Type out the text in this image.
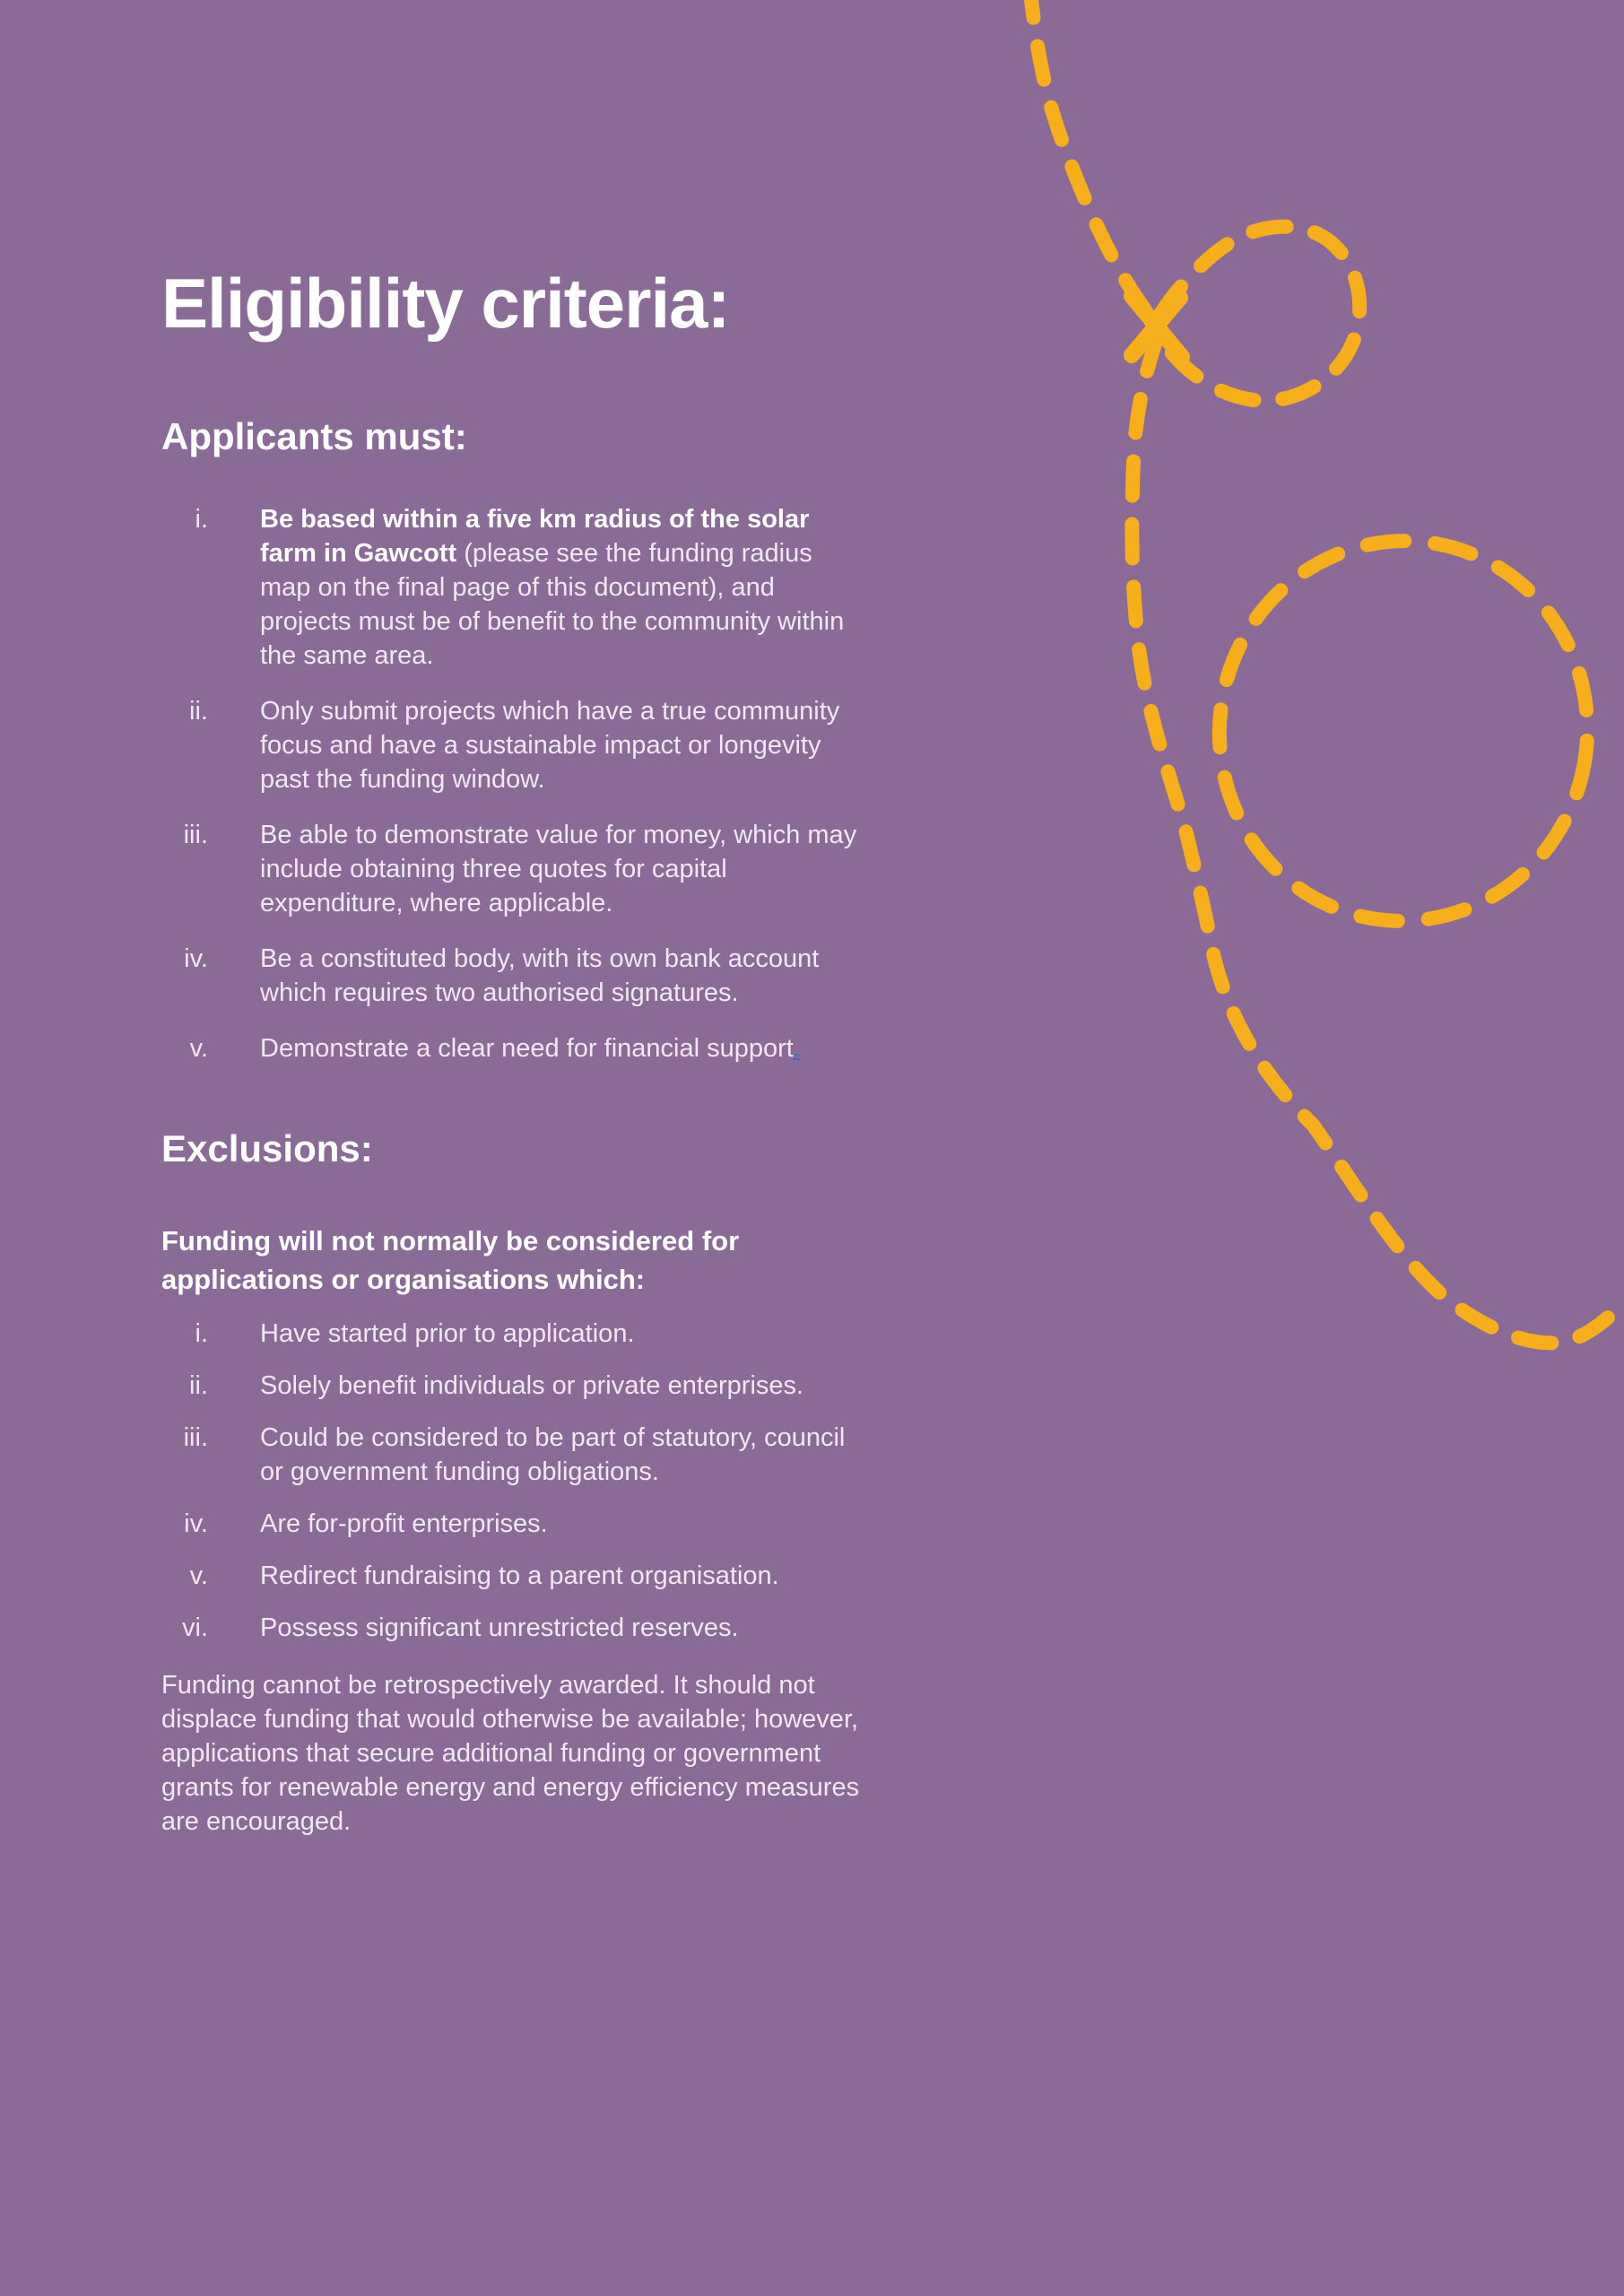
Eligibility criteria:
Applicants must:
i. Be based within a five km radius of the solar farm in Gawcott (please see the funding radius map on the final page of this document), and projects must be of benefit to the community within the same area.
ii. Only submit projects which have a true community focus and have a sustainable impact or longevity past the funding window.
iii. Be able to demonstrate value for money, which may include obtaining three quotes for capital expenditure, where applicable.
iv. Be a constituted body, with its own bank account which requires two authorised signatures.
v. Demonstrate a clear need for financial support.
Exclusions:

Funding will not normally be considered for applications or organisations which:

i. Have started prior to application.
ii. Solely benefit individuals or private enterprises.
iii. Could be considered to be part of statutory, council or government funding obligations.
iv. Are for-profit enterprises.
v. Redirect fundraising to a parent organisation.
vi. Possess significant unrestricted reserves.

Funding cannot be retrospectively awarded. It should not displace funding that would otherwise be available; however, applications that secure additional funding or government grants for renewable energy and energy efficiency measures are encouraged.
